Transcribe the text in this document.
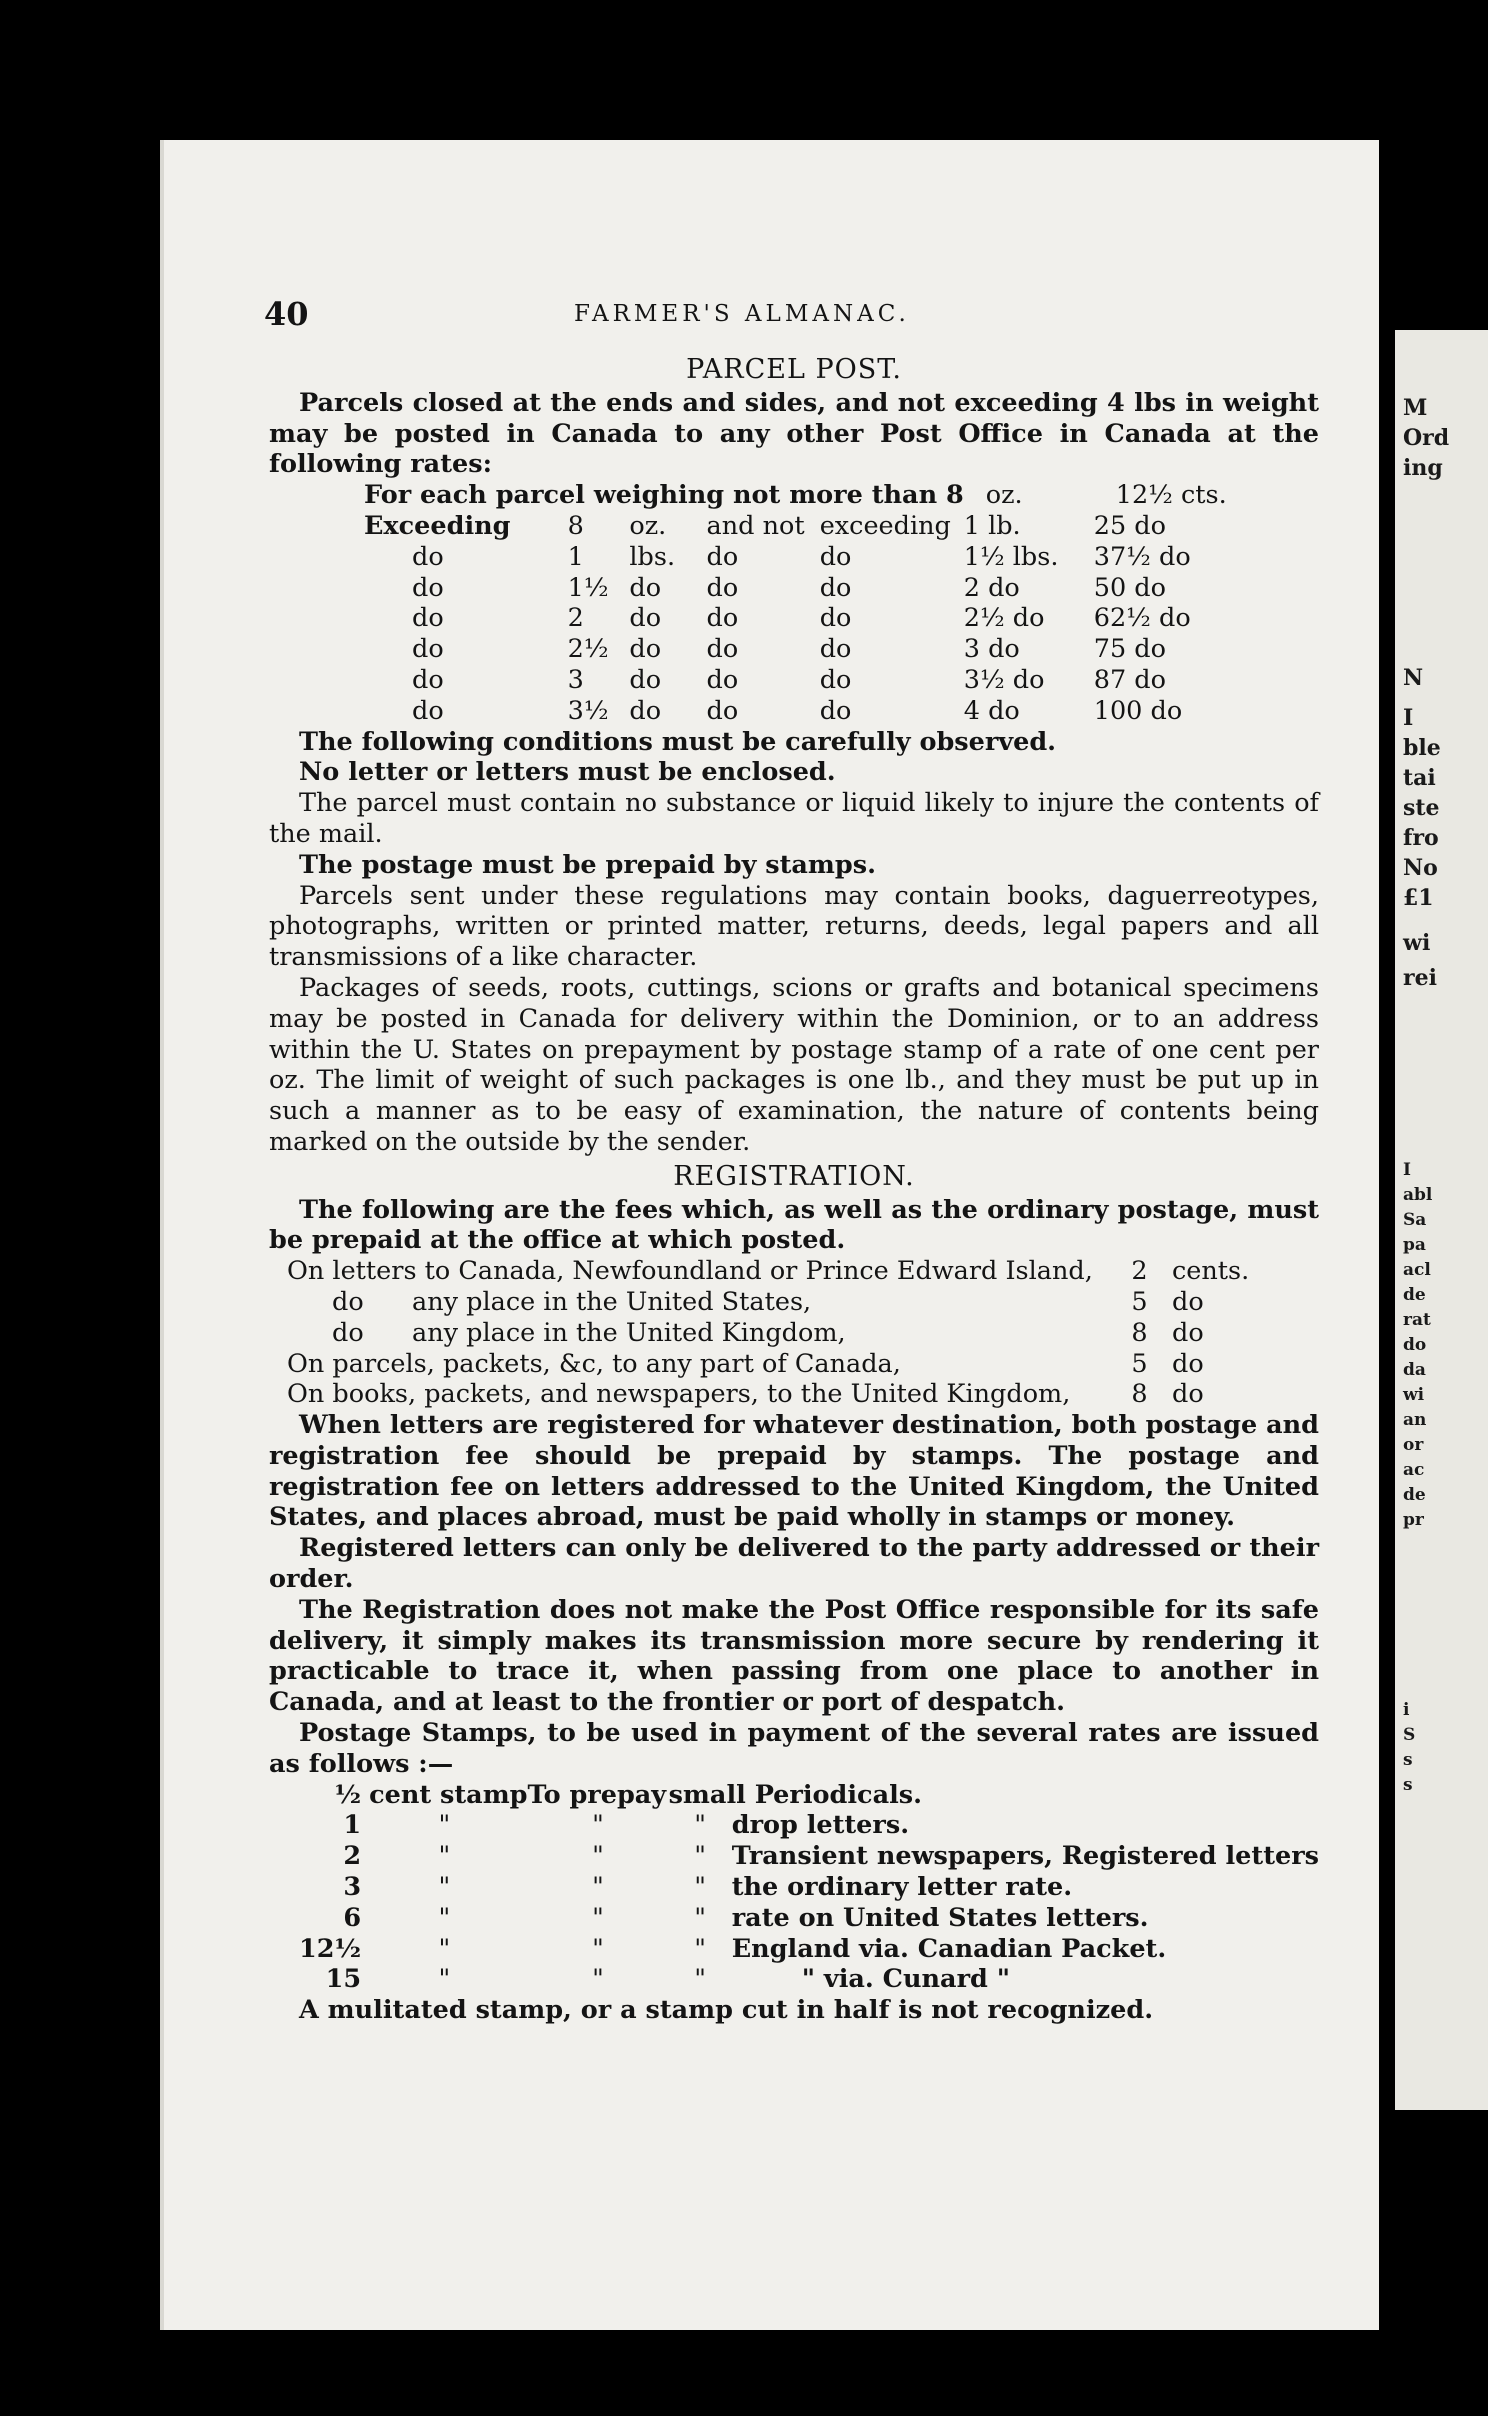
40	FARMER'S ALMANAC.
PARCEL POST.

Parcels closed at the ends and sides, and not exceeding 4 lbs in weight may be posted in Canada to any other Post Office in Canada at the following rates:

For each parcel weighing not more than 8					oz.	12½ cts.
Exceeding	8	oz.	and not	exceeding	1 lb.	25 do
do	1	lbs.	do	do	1½ lbs.	37½ do
do	1½	do	do	do	2 do	50 do
do	2	do	do	do	2½ do	62½ do
do	2½	do	do	do	3 do	75 do
do	3	do	do	do	3½ do	87 do
do	3½	do	do	do	4 do	100 do

The following conditions must be carefully observed.

No letter or letters must be enclosed.

The parcel must contain no substance or liquid likely to injure the contents of the mail.

The postage must be prepaid by stamps.

Parcels sent under these regulations may contain books, daguerreotypes, photographs, written or printed matter, returns, deeds, legal papers and all transmissions of a like character.

Packages of seeds, roots, cuttings, scions or grafts and botanical specimens may be posted in Canada for delivery within the Dominion, or to an address within the U. States on prepayment by postage stamp of a rate of one cent per oz. The limit of weight of such packages is one lb., and they must be put up in such a manner as to be easy of examination, the nature of contents being marked on the outside by the sender.

REGISTRATION.

The following are the fees which, as well as the ordinary postage, must be prepaid at the office at which posted.

On letters to Canada, Newfoundland or Prince Edward Island,		2	cents.
do	any place in the United States,	5	do
do	any place in the United Kingdom,	8	do
On parcels, packets, &c, to any part of Canada,		5	do
On books, packets, and newspapers, to the United Kingdom,		8	do

When letters are registered for whatever destination, both postage and registration fee should be prepaid by stamps. The postage and registration fee on letters addressed to the United Kingdom, the United States, and places abroad, must be paid wholly in stamps or money.

Registered letters can only be delivered to the party addressed or their order.

The Registration does not make the Post Office responsible for its safe delivery, it simply makes its transmission more secure by rendering it practicable to trace it, when passing from one place to another in Canada, and at least to the frontier or port of despatch.

Postage Stamps, to be used in payment of the several rates are issued as follows :—

½	cent stamp	To prepay	small Periodicals.	
1	"	"	"	drop letters.
2	"	"	"	Transient newspapers, Registered letters
3	"	"	"	the ordinary letter rate.
6	"	"	"	rate on United States letters.
12½	"	"	"	England via. Canadian Packet.
15	"	"	"	" via. Cunard "
A mulitated stamp, or a stamp cut in half is not recognized.
M
Ord
ing
N
I
ble
tai
ste
fro
No
£1
wi
rei
I
abl
Sa
pa
acl
de
rat
do
da
wi
an
or
ac
de
pr
i
S
s
s
